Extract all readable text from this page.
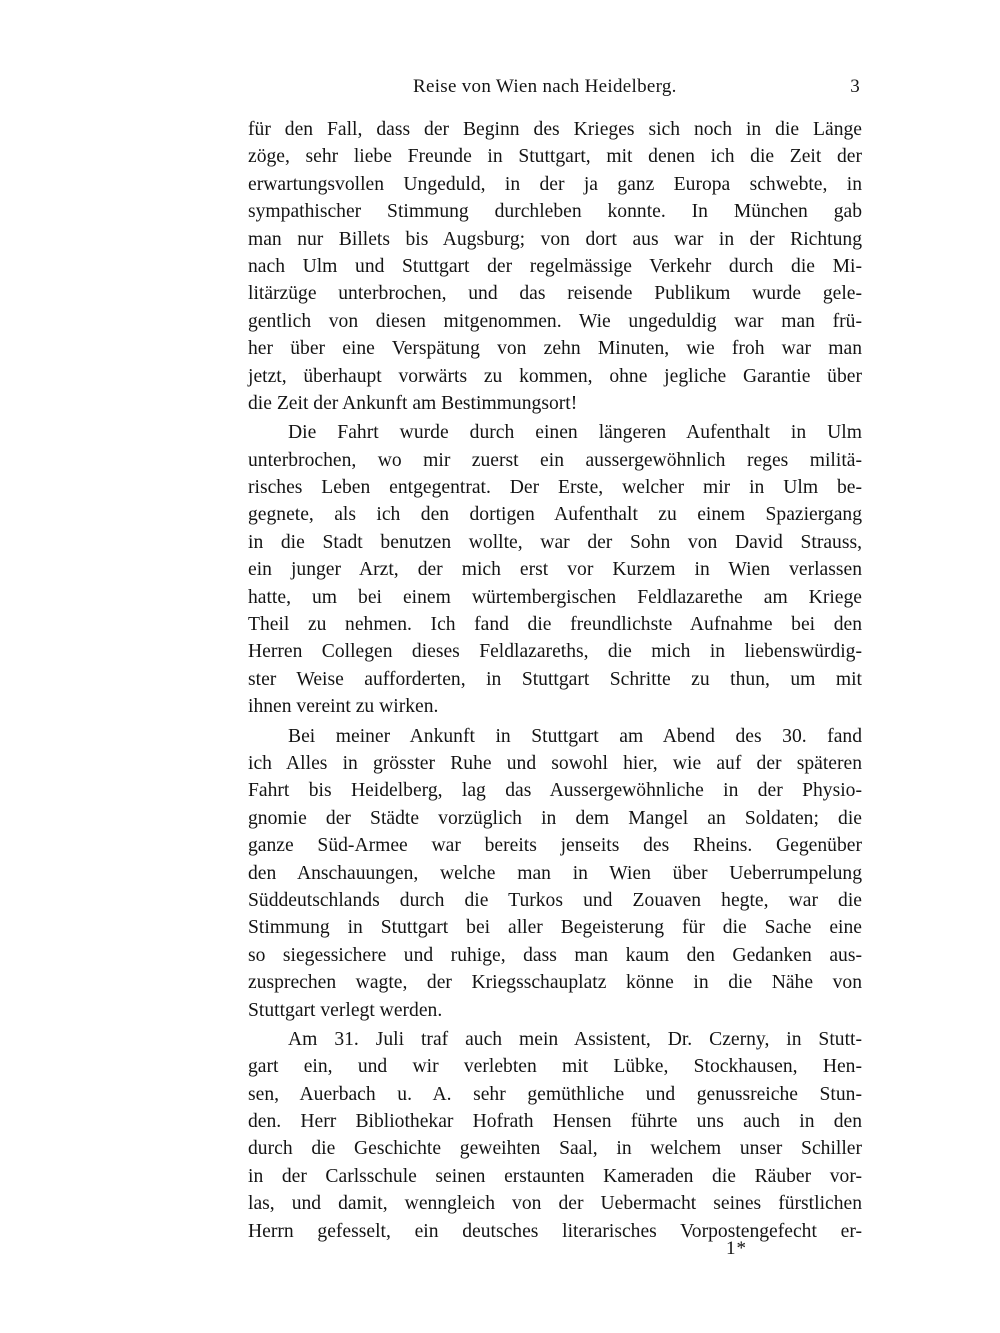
Reise von Wien nach Heidelberg.	3
für den Fall, dass der Beginn des Krieges sich noch in die Länge
zöge, sehr liebe Freunde in Stuttgart, mit denen ich die Zeit der
erwartungsvollen Ungeduld, in der ja ganz Europa schwebte, in
sympathischer Stimmung durchleben konnte. In München gab
man nur Billets bis Augsburg; von dort aus war in der Richtung
nach Ulm und Stuttgart der regelmässige Verkehr durch die Mi-
litärzüge unterbrochen, und das reisende Publikum wurde gele-
gentlich von diesen mitgenommen. Wie ungeduldig war man frü-
her über eine Verspätung von zehn Minuten, wie froh war man
jetzt, überhaupt vorwärts zu kommen, ohne jegliche Garantie über
die Zeit der Ankunft am Bestimmungsort!
Die Fahrt wurde durch einen längeren Aufenthalt in Ulm
unterbrochen, wo mir zuerst ein aussergewöhnlich reges militä-
risches Leben entgegentrat. Der Erste, welcher mir in Ulm be-
gegnete, als ich den dortigen Aufenthalt zu einem Spaziergang
in die Stadt benutzen wollte, war der Sohn von David Strauss,
ein junger Arzt, der mich erst vor Kurzem in Wien verlassen
hatte, um bei einem würtembergischen Feldlazarethe am Kriege
Theil zu nehmen. Ich fand die freundlichste Aufnahme bei den
Herren Collegen dieses Feldlazareths, die mich in liebenswürdig-
ster Weise aufforderten, in Stuttgart Schritte zu thun, um mit
ihnen vereint zu wirken.
Bei meiner Ankunft in Stuttgart am Abend des 30. fand
ich Alles in grösster Ruhe und sowohl hier, wie auf der späteren
Fahrt bis Heidelberg, lag das Aussergewöhnliche in der Physio-
gnomie der Städte vorzüglich in dem Mangel an Soldaten; die
ganze Süd-Armee war bereits jenseits des Rheins. Gegenüber
den Anschauungen, welche man in Wien über Ueberrumpelung
Süddeutschlands durch die Turkos und Zouaven hegte, war die
Stimmung in Stuttgart bei aller Begeisterung für die Sache eine
so siegessichere und ruhige, dass man kaum den Gedanken aus-
zusprechen wagte, der Kriegsschauplatz könne in die Nähe von
Stuttgart verlegt werden.
Am 31. Juli traf auch mein Assistent, Dr. Czerny, in Stutt-
gart ein, und wir verlebten mit Lübke, Stockhausen, Hen-
sen, Auerbach u. A. sehr gemüthliche und genussreiche Stun-
den. Herr Bibliothekar Hofrath Hensen führte uns auch in den
durch die Geschichte geweihten Saal, in welchem unser Schiller
in der Carlsschule seinen erstaunten Kameraden die Räuber vor-
las, und damit, wenngleich von der Uebermacht seines fürstlichen
Herrn gefesselt, ein deutsches literarisches Vorpostengefecht er-
1*
